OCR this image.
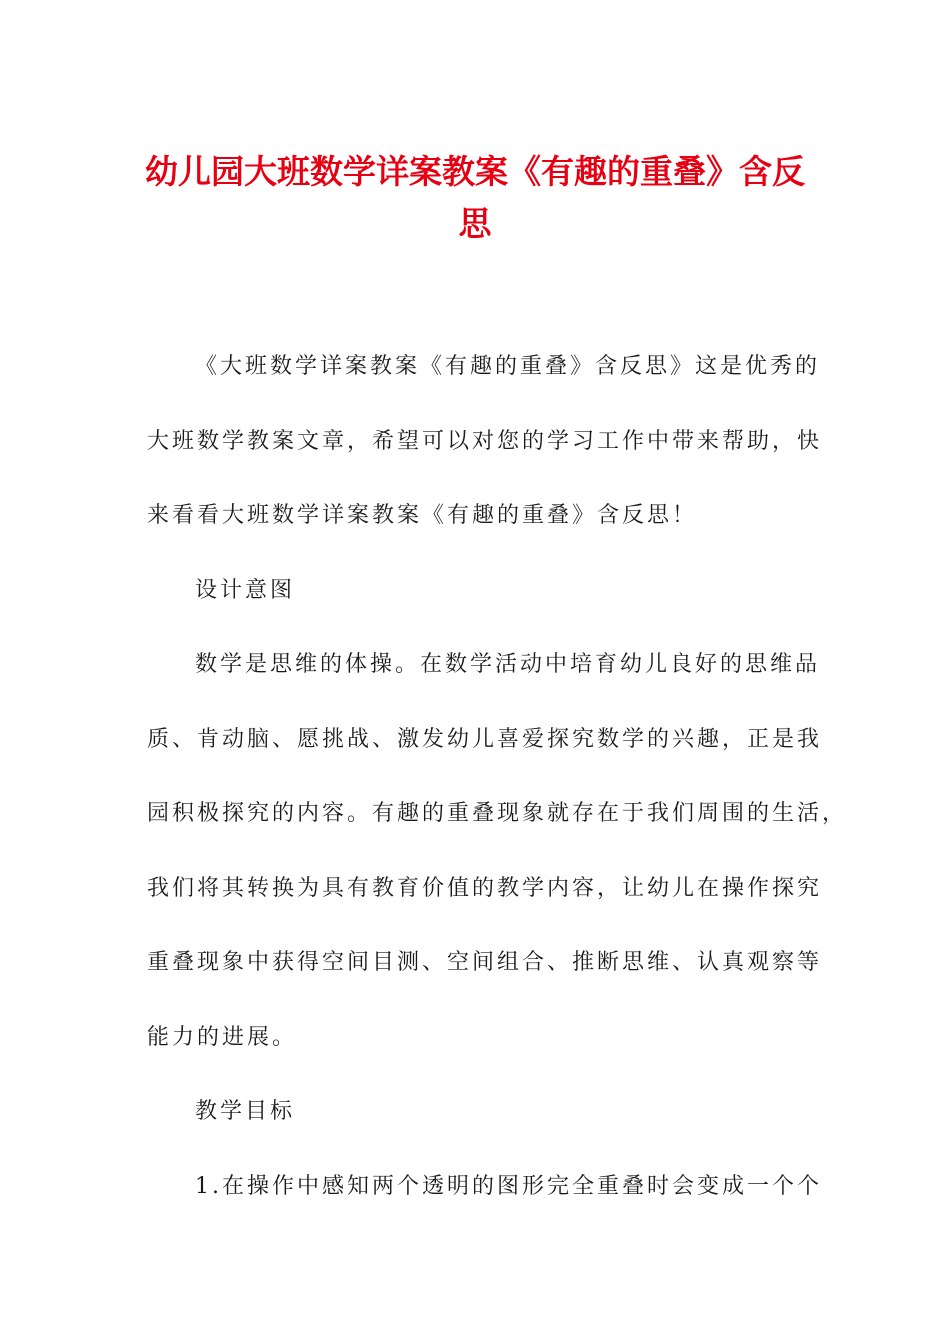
幼儿园大班数学详案教案《有趣的重叠》含反思

《大班数学详案教案《有趣的重叠》含反思》这是优秀的
大班数学教案文章，希望可以对您的学习工作中带来帮助，快
来看看大班数学详案教案《有趣的重叠》含反思！

设计意图

数学是思维的体操。在数学活动中培育幼儿良好的思维品
质、肯动脑、愿挑战、激发幼儿喜爱探究数学的兴趣，正是我
园积极探究的内容。有趣的重叠现象就存在于我们周围的生活，
我们将其转换为具有教育价值的教学内容，让幼儿在操作探究
重叠现象中获得空间目测、空间组合、推断思维、认真观察等
能力的进展。

教学目标

1.在操作中感知两个透明的图形完全重叠时会变成一个个
